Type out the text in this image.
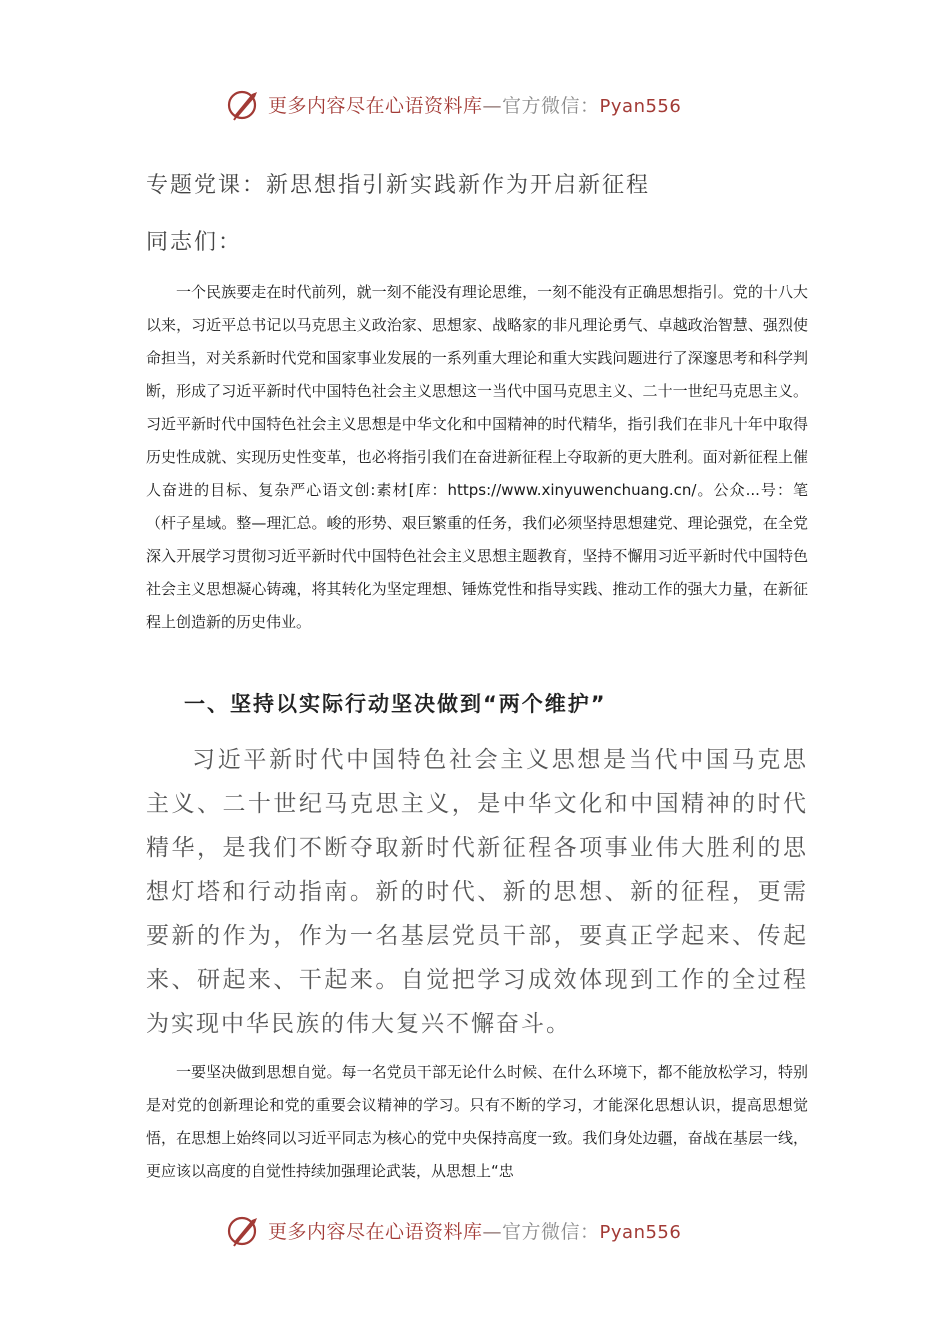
更多内容尽在心语资料库—官方微信：Pyan556
专题党课：新思想指引新实践新作为开启新征程
同志们：

一个民族要走在时代前列，就一刻不能没有理论思维，一刻不能没有正确思想指引。党的十八大以来，习近平总书记以马克思主义政治家、思想家、战略家的非凡理论勇气、卓越政治智慧、强烈使命担当，对关系新时代党和国家事业发展的一系列重大理论和重大实践问题进行了深邃思考和科学判断，形成了习近平新时代中国特色社会主义思想这一当代中国马克思主义、二十一世纪马克思主义。习近平新时代中国特色社会主义思想是中华文化和中国精神的时代精华，指引我们在非凡十年中取得历史性成就、实现历史性变革，也必将指引我们在奋进新征程上夺取新的更大胜利。面对新征程上催人奋进的目标、复杂严心语文创:素材[库：https://www.xinyuwenchuang.cn/。公众...号：笔（杆子星域。整—理汇总。峻的形势、艰巨繁重的任务，我们必须坚持思想建党、理论强党，在全党深入开展学习贯彻习近平新时代中国特色社会主义思想主题教育，坚持不懈用习近平新时代中国特色社会主义思想凝心铸魂，将其转化为坚定理想、锤炼党性和指导实践、推动工作的强大力量，在新征程上创造新的历史伟业。

一、坚持以实际行动坚决做到“两个维护”

习近平新时代中国特色社会主义思想是当代中国马克思主义、二十世纪马克思主义，是中华文化和中国精神的时代精华，是我们不断夺取新时代新征程各项事业伟大胜利的思想灯塔和行动指南。新的时代、新的思想、新的征程，更需要新的作为，作为一名基层党员干部，要真正学起来、传起来、研起来、干起来。自觉把学习成效体现到工作的全过程为实现中华民族的伟大复兴不懈奋斗。

一要坚决做到思想自觉。每一名党员干部无论什么时候、在什么环境下，都不能放松学习，特别是对党的创新理论和党的重要会议精神的学习。只有不断的学习，才能深化思想认识，提高思想觉悟，在思想上始终同以习近平同志为核心的党中央保持高度一致。我们身处边疆，奋战在基层一线，更应该以高度的自觉性持续加强理论武装，从思想上“忠

更多内容尽在心语资料库—官方微信：Pyan556
